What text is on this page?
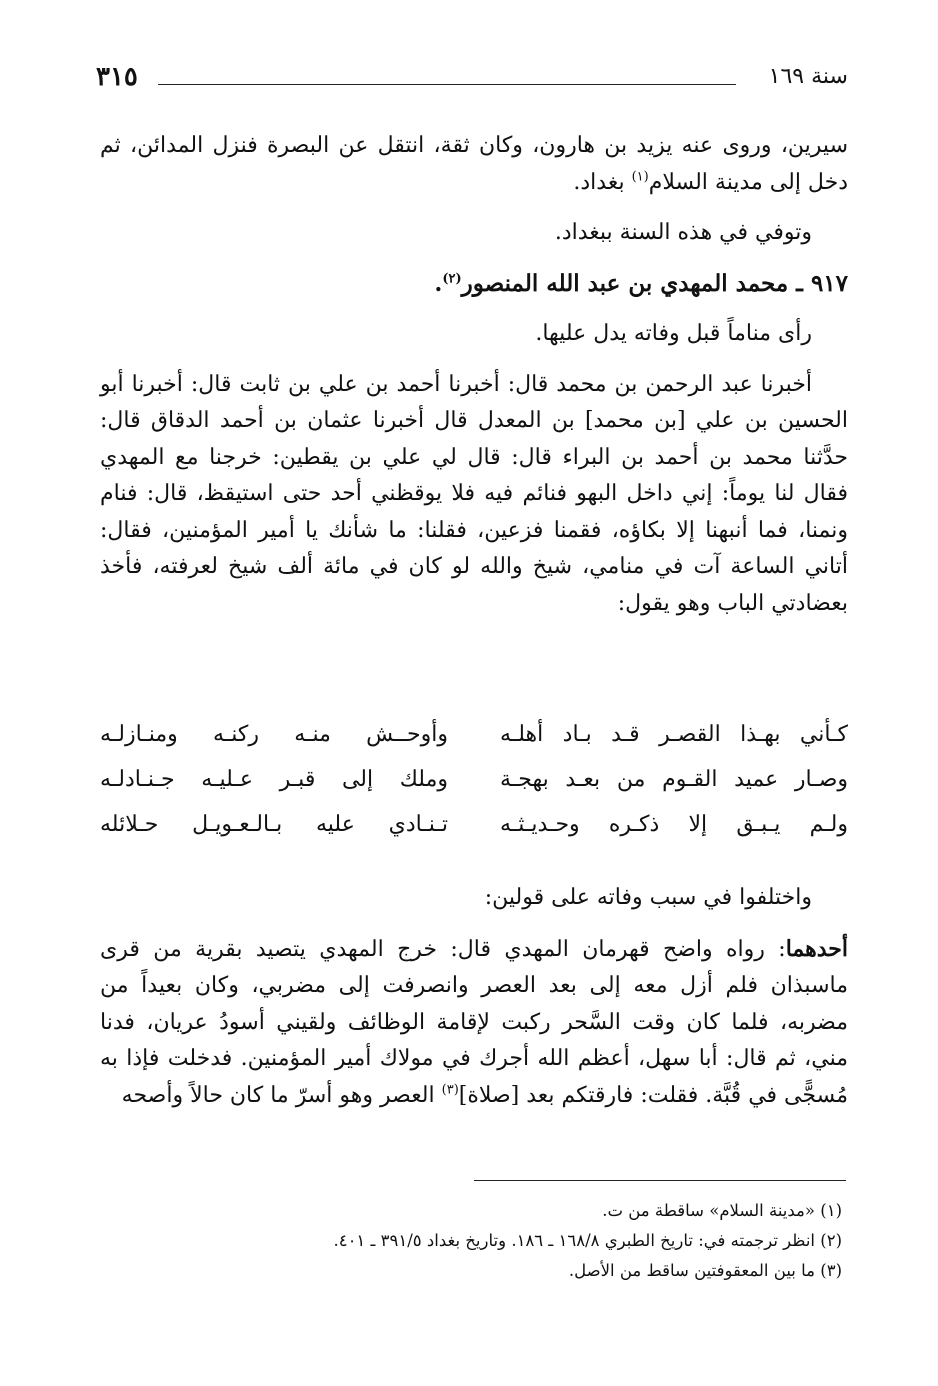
سنة ١٦٩
٣١٥

سيرين، وروى عنه يزيد بن هارون، وكان ثقة، انتقل عن البصرة فنزل المدائن، ثم دخل إلى مدينة السلام$^{(١)}$ بغداد.

وتوفي في هذه السنة ببغداد.

٩١٧ ـ محمد المهدي بن عبد الله المنصور$^{(٢)}$.

رأى مناماً قبل وفاته يدل عليها.

أخبرنا عبد الرحمن بن محمد قال: أخبرنا أحمد بن علي بن ثابت قال: أخبرنا أبو الحسين بن علي [بن محمد] بن المعدل قال أخبرنا عثمان بن أحمد الدقاق قال: حدَّثنا محمد بن أحمد بن البراء قال: قال لي علي بن يقطين: خرجنا مع المهدي فقال لنا يوماً: إني داخل البهو فنائم فيه فلا يوقظني أحد حتى استيقظ، قال: فنام ونمنا، فما أنبهنا إلا بكاؤه، فقمنا فزعين، فقلنا: ما شأنك يا أمير المؤمنين، فقال: أتاني الساعة آت في منامي، شيخ والله لو كان في مائة ألف شيخ لعرفته، فأخذ بعضادتي الباب وهو يقول:

كـأني بهـذا القصـر قـد بـاد أهلـه
وأوحــش منـه ركنـه ومنـازلـه
وصـار عميد القـوم من بعـد بهجـة
وملك إلى قبـر عـليـه جـنـادلـه
ولـم يـبـق إلا ذكـره وحـديـثـه
تـنـادي عليه بـالـعـويـل حـلائله

واختلفوا في سبب وفاته على قولين:

أحدهما: رواه واضح قهرمان المهدي قال: خرج المهدي يتصيد بقرية من قرى ماسبذان فلم أزل معه إلى بعد العصر وانصرفت إلى مضربي، وكان بعيداً من مضربه، فلما كان وقت السَّحر ركبت لإقامة الوظائف ولقيني أسودُ عريان، فدنا مني، ثم قال: أبا سهل، أعظم الله أجرك في مولاك أمير المؤمنين. فدخلت فإذا به مُسجًّى في قُبَّة. فقلت: فارقتكم بعد [صلاة]$^{(٣)}$ العصر وهو أسرّ ما كان حالاً وأصحه

(١) «مدينة السلام» ساقطة من ت.

(٢) انظر ترجمته في: تاريخ الطبري ١٦٨/٨ ـ ١٨٦. وتاريخ بغداد ٣٩١/٥ ـ ٤٠١.

(٣) ما بين المعقوفتين ساقط من الأصل.
